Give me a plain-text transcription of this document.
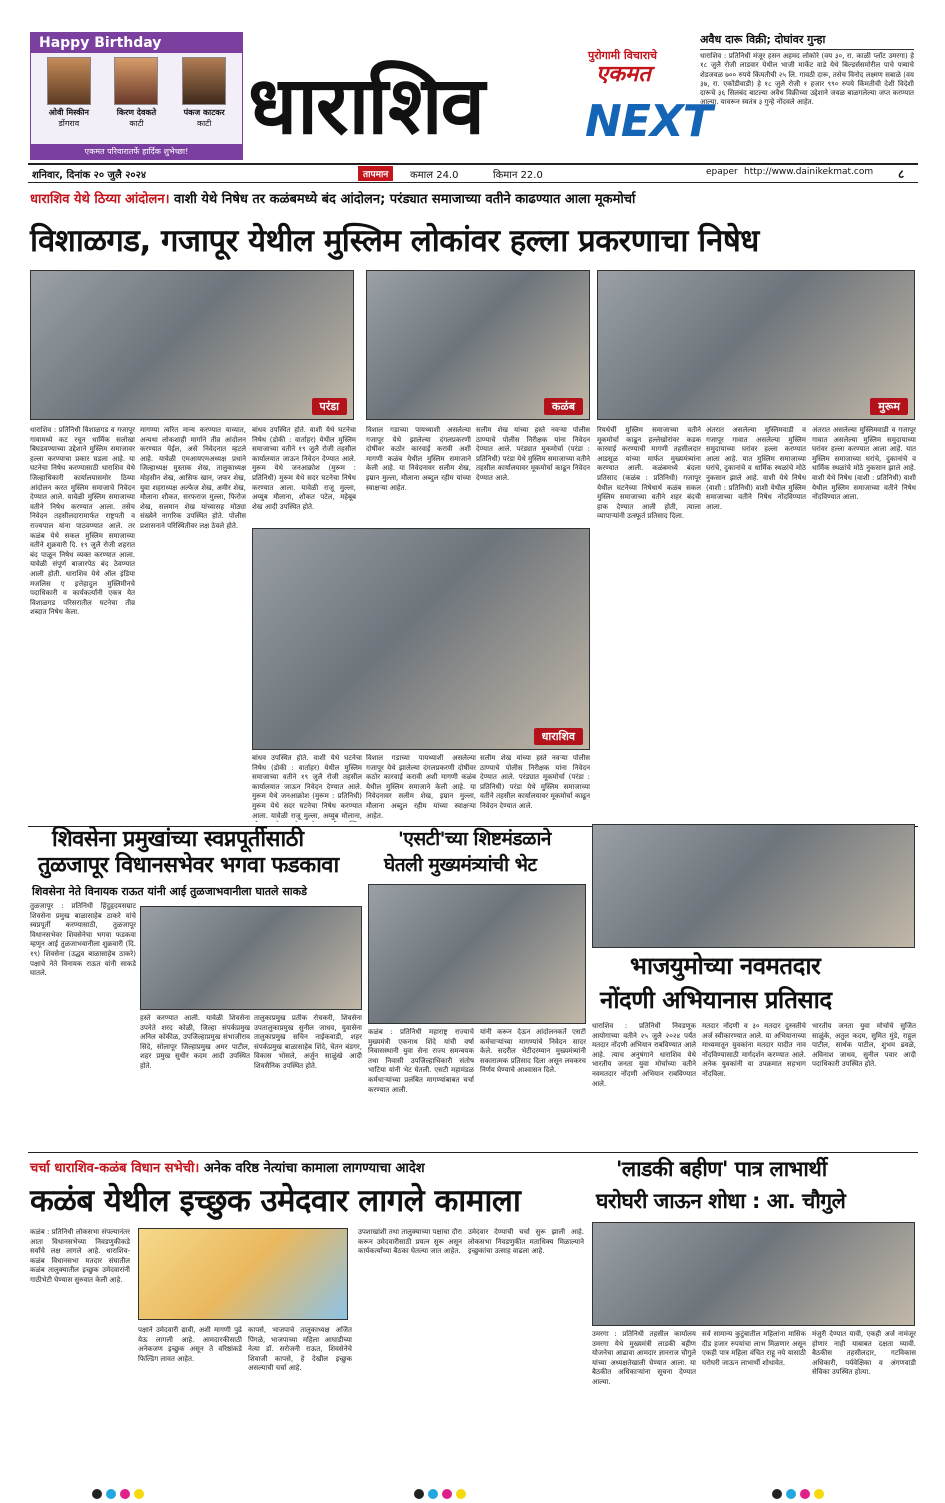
Happy Birthday
ओवी मिस्कीन
डोंगराव
किरण देवकते
काटी
पंकज काटकर
काटी
एकमत परिवारातर्फे हार्दिक शुभेच्छा! धाराशिव
पुरोगामी विचाराचे
एकमत
NEXT
अवैध दारू विक्री; दोघांवर गुन्हा
धाराशिव : प्रतिनिधी मंजूर हसन अहमद लोकोरे (वय ३०, रा. काळी प्लॉट उमरगा) हे १८ जुलै रोजी लाडवार येथील भाजी मार्केट वाडे येथे बिल्डर्ससमोरील पाचे पत्र्याचे शेडजवळ ७०० रुपये किंमतीची २५ लि. गावठी दारू, तसेच विनोद लक्ष्मण सबाळे (वय ३७, रा. एकोंडीवाडी) हे १८ जुलै रोजी १ हजार ९९० रुपये किंमतीची देशी विदेशी दारूचे ३६ सिलबंद बाटल्या अवैध विक्रीच्या उद्देशाने जवळ बाळगलेल्या जप्त करण्यात आल्या. यावरून स्वतंत्र ३ गुन्हे नोंदवले आहेत.
शनिवार, दिनांक २० जुलै २०२४	तापमान	कमाल 24.0	किमान 22.0	epaper http://www.dainikekmat.com ८
धाराशिव येथे ठिय्या आंदोलन। वाशी येथे निषेध तर कळंबमध्ये बंद आंदोलन; परंड्यात समाजाच्या वतीने काढण्यात आला मूकमोर्चा
विशाळगड, गजापूर येथील मुस्लिम लोकांवर हल्ला प्रकरणाचा निषेध
परंडा	कळंब	मुरूम
धाराशिव : प्रतिनिधी विशाळगड व गजापूर गावामध्ये कट रचून धार्मिक सलोखा बिघडवण्याच्या उद्देशाने मुस्लिम समाजावर हल्ला करण्याचा प्रकार घडला आहे. या घटनेचा निषेध करण्यासाठी धाराशिव येथे जिल्हाधिकारी कार्यालयासमोर ठिय्या आंदोलन करत मुस्लिम समाजाचे निवेदन देण्यात आले. यावेळी मुस्लिम समाजाच्या वतीने निषेध करण्यात आला. तसेच निवेदन तहसीलदारामार्फत राष्ट्रपती व राज्यपाल यांना पाठवण्यात आले. तर कळंब येथे सकल मुस्लिम समाजाच्या वतीने शुक्रवारी दि. १९ जुलै रोजी शहरात बंद पाळून निषेध व्यक्त करण्यात आला. यावेळी संपूर्ण बाजारपेठ बंद ठेवण्यात आली होती. धाराशिव येथे ऑल इंडिया मजलिस ए इत्तेहादुल मुस्लिमीनचे पदाधिकारी व कार्यकर्त्यांनी एकत्र येत विशाळगड परिसरातील घटनेचा तीव्र शब्दात निषेध केला.
मागण्या त्वरित मान्य करण्यात याव्यात, अन्यथा लोकशाही मार्गाने तीव्र आंदोलन करण्यात येईल, असे निवेदनात म्हटले आहे. यावेळी एमआयएमअध्यक्ष प्रधाने जिल्हाध्यक्ष मुस्ताक शेख, तालुकाध्यक्ष मोहसीन शेख, आसिफ खान, जफर शेख, युवा शहराध्यक्ष अल्फेज शेख, अमीर शेख, मौलाना शौकत, सरफराज मुल्ला, फिरोज शेख, सलमान शेख यांच्यासह मोठ्या संख्येने नागरिक उपस्थित होते. पोलीस प्रशासनाने परिस्थितीवर लक्ष ठेवले होते.
बांधव उपस्थित होते. वाशी येथे घटनेचा निषेध (डोकी : वार्ताहर) येथील मुस्लिम समाजाच्या वतीने १९ जुलै रोजी तहसील कार्यालयात जाऊन निवेदन देण्यात आले. मुरूम येथे जनआक्रोश (मुरूम : प्रतिनिधी) मुरूम येथे सदर घटनेचा निषेध करण्यात आला. यावेळी राजू मुल्ला, अय्युब मौलाना, शौकत पटेल, महेबूब शेख आदी उपस्थित होते.
विशाल गडाच्या पायथ्याशी असलेल्या गजापूर येथे झालेल्या दंगलप्रकरणी दोषींवर कठोर कारवाई करावी अशी मागणी कळंब येथील मुस्लिम समाजाने केली आहे. या निवेदनावर सलीम शेख, इम्रान मुल्ला, मौलाना अब्दुल रहीम यांच्या स्वाक्षऱ्या आहेत.
सलीम शेख यांच्या हस्ते नवऱ्या पोलीस ठाण्याचे पोलीस निरीक्षक यांना निवेदन देण्यात आले. परंड्यात मूकमोर्चा (परंडा : प्रतिनिधी) परंडा येथे मुस्लिम समाजाच्या वतीने तहसील कार्यालयावर मूकमोर्चा काढून निवेदन देण्यात आले.
धाराशिव
बांधव उपस्थित होते. वाशी येथे घटनेचा निषेध (डोकी : वार्ताहर) येथील मुस्लिम समाजाच्या वतीने १९ जुलै रोजी तहसील कार्यालयात जाऊन निवेदन देण्यात आले. मुरूम येथे जनआक्रोश (मुरूम : प्रतिनिधी) मुरूम येथे सदर घटनेचा निषेध करण्यात आला. यावेळी राजू मुल्ला, अय्युब मौलाना,
विशाल गडाच्या पायथ्याशी असलेल्या गजापूर येथे झालेल्या दंगलप्रकरणी दोषींवर कठोर कारवाई करावी अशी मागणी कळंब येथील मुस्लिम समाजाने केली आहे. या निवेदनावर सलीम शेख, इम्रान मुल्ला, मौलाना अब्दुल रहीम यांच्या स्वाक्षऱ्या आहेत.
सलीम शेख यांच्या हस्ते नवऱ्या पोलीस ठाण्याचे पोलीस निरीक्षक यांना निवेदन देण्यात आले. परंड्यात मूकमोर्चा (परंडा : प्रतिनिधी) परंडा येथे मुस्लिम समाजाच्या वतीने तहसील कार्यालयावर मूकमोर्चा काढून निवेदन देण्यात आले.
रियर्धर्ची मुस्लिम समाजाच्या वतीने मूकमोर्चा काढून हल्लेखोरांवर कडक कारवाई करण्याची मागणी तहसीलदार आडसूळ यांच्या मार्फत मुख्यमंत्र्यांना करण्यात आली. कळंबमध्ये बंदला प्रतिसाद (कळंब : प्रतिनिधी) गजापूर येथील घटनेच्या निषेधार्थ कळंब सकल मुस्लिम समाजाच्या वतीने शहर बंदची हाक देण्यात आली होती, त्याला व्यापाऱ्यांनी उत्स्फूर्त प्रतिसाद दिला.
अंतरात असलेल्या मुस्लिमवाडी व गजापूर गावात असलेल्या मुस्लिम समुदायाच्या घरांवर हल्ला करण्यात आला आहे. यात मुस्लिम समाजाच्या घरांचे, दुकानांचे व धार्मिक स्थळांचे मोठे नुकसान झाले आहे. वाशी येथे निषेध (वाशी : प्रतिनिधी) वाशी येथील मुस्लिम समाजाच्या वतीने निषेध नोंदविण्यात आला.
अंतरात असलेल्या मुस्लिमवाडी व गजापूर गावात असलेल्या मुस्लिम समुदायाच्या घरांवर हल्ला करण्यात आला आहे. यात मुस्लिम समाजाच्या घरांचे, दुकानांचे व धार्मिक स्थळांचे मोठे नुकसान झाले आहे. वाशी येथे निषेध (वाशी : प्रतिनिधी) वाशी येथील मुस्लिम समाजाच्या वतीने निषेध नोंदविण्यात आला.
शिवसेना प्रमुखांच्या स्वप्नपूर्तीसाठी
तुळजापूर विधानसभेवर भगवा फडकावा
शिवसेना नेते विनायक राऊत यांनी आई तुळजाभवानीला घातले साकडे
तुळजापूर : प्रतिनिधी हिंदुहृदयसम्राट शिवसेना प्रमुख बाळासाहेब ठाकरे यांचे स्वप्नपूर्ती करण्यासाठी, तुळजापूर विधानसभेवर शिवसेनेचा भगवा फडकवा म्हणून आई तुळजाभवानीला शुक्रवारी (दि. १९) शिवसेना (उद्धव बाळासाहेब ठाकरे) पक्षाचे नेते विनायक राऊत यांनी साकडे घातले.
हस्ते करण्यात आली. यावेळी शिवसेना उपनेते शरद कोळी, जिल्हा संपर्कप्रमुख अनिल कोकीळ, उपजिल्हाप्रमुख संभाजीराव सिंदे, सोलापूर जिल्हाप्रमुख अमर पाटील, शहर प्रमुख सुधीर कदम आदी उपस्थित होते.
तालुकाप्रमुख प्रतीक रोचकरी, शिवसेना उपतालुकाप्रमुख सुनील जाधव, युवासेना तालुकाप्रमुख सचिन नाईकवाडी, शहर संपर्कप्रमुख बाळासाहेब शिंदे, चेतन बंडगर, विकास भोसले, अर्जुन साळुंखे आदी शिवसैनिक उपस्थित होते.
'एसटी'च्या शिष्टमंडळाने
घेतली मुख्यमंत्र्यांची भेट
कळंब : प्रतिनिधी महाराष्ट्र राज्याचे मुख्यमंत्री एकनाथ शिंदे यांची वर्षा निवासस्थानी युवा सेना राज्य समन्वयक तथा निवासी उपजिल्हाधिकारी संतोष भाटिया यांनी भेट घेतली. एसटी महामंडळ कर्मचाऱ्यांच्या प्रलंबित मागण्यांबाबत चर्चा करण्यात आली.
यांनी करून देऊन आंदोलनकर्ते एसटी कर्मचाऱ्यांच्या मागण्यांचे निवेदन सादर केले. सदरील भेटीदरम्यान मुख्यमंत्र्यांनी सकारात्मक प्रतिसाद दिला असून लवकरच निर्णय घेण्याचे आश्वासन दिले.
भाजयुमोच्या नवमतदार
नोंदणी अभियानास प्रतिसाद
धाराशिव : प्रतिनिधी निवडणूक आयोगाच्या वतीने २५ जुलै २०२४ पर्यंत मतदार नोंदणी अभियान राबविण्यात आले आहे. त्याच अनुषंगाने धाराशिव येथे भारतीय जनता युवा मोर्चाच्या वतीने नवमतदार नोंदणी अभियान राबविण्यात आले.
मतदार नोंदणी व ३० मतदार दुरुस्तीचे अर्ज स्वीकारण्यात आले. या अभियानाच्या माध्यमातून युवकांना मतदार यादीत नाव नोंदविण्यासाठी मार्गदर्शन करण्यात आले. अनेक युवकांनी या उपक्रमात सहभाग नोंदविला.
भारतीय जनता युवा मोर्चाचे सुजित साळुंके, अतुल कदम, सुमित मुंडे, राहुल पाटील, सार्थक पाटील, शुभम ढवळे, अविनाश जाधव, सुनील पवार आदी पदाधिकारी उपस्थित होते.
चर्चा धाराशिव-कळंब विधान सभेची। अनेक वरिष्ठ नेत्यांचा कामाला लागण्याचा आदेश
कळंब येथील इच्छुक उमेदवार लागले कामाला
कळंब : प्रतिनिधी लोकसभा संपल्यानंतर आता विधानसभेच्या निवडणुकीकडे सर्वांचे लक्ष लागले आहे. धाराशिव-कळंब विधानसभा मतदार संघातील कळंब तालुक्यातील इच्छुक उमेदवारांनी गाठीभेटी घेण्यास सुरुवात केली आहे.
पक्षाने उमेदवारी द्यावी, अशी मागणी पुढे येऊ लागली आहे. आमदारकीसाठी अनेकजण इच्छुक असून ते वरिष्ठांकडे फिल्डिंग लावत आहेत.
कापसे, भाजपाचे तालुकाध्यक्ष अजित पिंगळे, भाजपाच्या महिला आघाडीच्या नेत्या डॉ. सरोजनी राऊत, शिवसेनेचे शिवाजी कापसे, हे देखील इच्छुक असल्याची चर्चा आहे.
उपशाखांशी तथा तालुक्याच्या पक्षाचा दौरा करून उमेदवारीसाठी प्रयत्न सुरू असून कार्यकर्त्यांच्या बैठका घेतल्या जात आहेत.
उमेदवार देण्याची चर्चा सुरू झाली आहे. लोकसभा निवडणुकीत मताधिक्य मिळाल्याने इच्छुकांचा उत्साह वाढला आहे.
'लाडकी बहीण' पात्र लाभार्थी
घरोघरी जाऊन शोधा : आ. चौगुले
उमरगा : प्रतिनिधी तहसील कार्यालय उमरगा येथे मुख्यमंत्री लाडकी बहीण योजनेचा आढावा आमदार ज्ञानराज चौगुले यांच्या अध्यक्षतेखाली घेण्यात आला. या बैठकीत अधिकाऱ्यांना सूचना देण्यात आल्या.
सर्व सामान्य कुटुंबातील महिलांना मासिक दीड हजार रुपयांचा लाभ मिळणार असून एकही पात्र महिला वंचित राहू नये यासाठी घरोघरी जाऊन लाभार्थी शोधावेत.
मंजुरी देण्यात यावी, एकही अर्ज नामंजूर होणार नाही याबाबत दक्षता घ्यावी. बैठकीस तहसीलदार, गटविकास अधिकारी, पर्यवेक्षिका व अंगणवाडी सेविका उपस्थित होत्या.
